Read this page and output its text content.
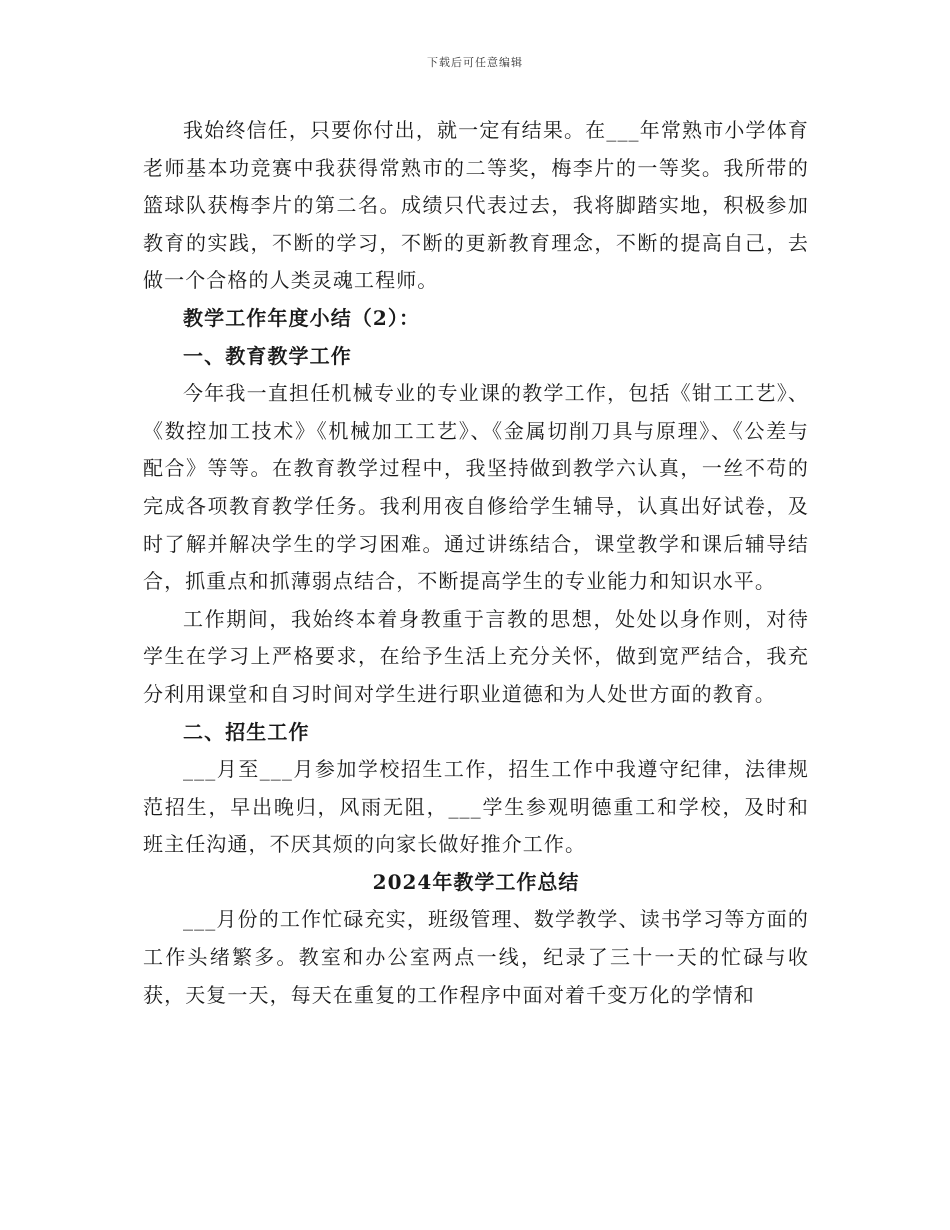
下载后可任意编辑

我始终信任，只要你付出，就一定有结果。在___年常熟市小学体育老师基本功竞赛中我获得常熟市的二等奖，梅李片的一等奖。我所带的篮球队获梅李片的第二名。成绩只代表过去，我将脚踏实地，积极参加教育的实践，不断的学习，不断的更新教育理念，不断的提高自己，去做一个合格的人类灵魂工程师。

教学工作年度小结（2）：

一、教育教学工作

今年我一直担任机械专业的专业课的教学工作，包括《钳工工艺》、《数控加工技术》《机械加工工艺》、《金属切削刀具与原理》、《公差与配合》等等。在教育教学过程中，我坚持做到教学六认真，一丝不苟的完成各项教育教学任务。我利用夜自修给学生辅导，认真出好试卷，及时了解并解决学生的学习困难。通过讲练结合，课堂教学和课后辅导结合，抓重点和抓薄弱点结合，不断提高学生的专业能力和知识水平。

工作期间，我始终本着身教重于言教的思想，处处以身作则，对待学生在学习上严格要求，在给予生活上充分关怀，做到宽严结合，我充分利用课堂和自习时间对学生进行职业道德和为人处世方面的教育。

二、招生工作

___月至___月参加学校招生工作，招生工作中我遵守纪律，法律规范招生，早出晚归，风雨无阻，___学生参观明德重工和学校，及时和班主任沟通，不厌其烦的向家长做好推介工作。

2024年教学工作总结

___月份的工作忙碌充实，班级管理、数学教学、读书学习等方面的工作头绪繁多。教室和办公室两点一线，纪录了三十一天的忙碌与收获，天复一天，每天在重复的工作程序中面对着千变万化的学情和
